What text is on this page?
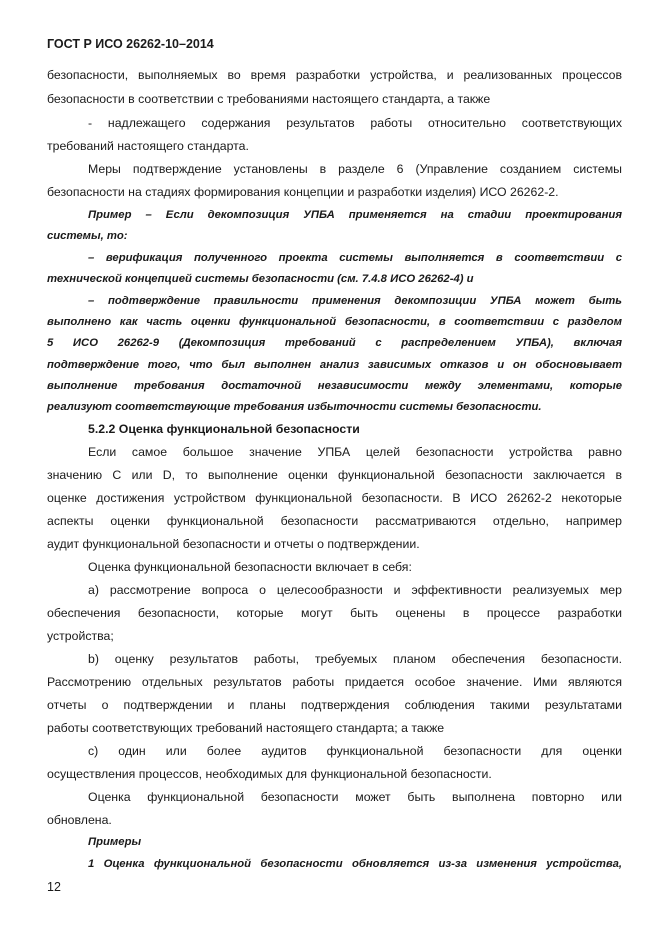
ГОСТ Р ИСО 26262-10–2014
безопасности, выполняемых во время разработки устройства, и реализованных процессов
безопасности в соответствии с требованиями настоящего стандарта, а также
- надлежащего содержания результатов работы относительно соответствующих
требований настоящего стандарта.
Меры подтверждение установлены в разделе 6 (Управление созданием системы
безопасности на стадиях формирования концепции и разработки изделия) ИСО 26262-2.
Пример – Если декомпозиция УПБА применяется на стадии проектирования
системы, то:
– верификация полученного проекта системы выполняется в соответствии с
технической концепцией системы безопасности (см. 7.4.8 ИСО 26262-4) и
– подтверждение правильности применения декомпозиции УПБА может быть
выполнено как часть оценки функциональной безопасности, в соответствии с разделом
5 ИСО 26262-9 (Декомпозиция требований с распределением УПБА), включая
подтверждение того, что был выполнен анализ зависимых отказов и он обосновывает
выполнение требования достаточной независимости между элементами, которые
реализуют соответствующие требования избыточности системы безопасности.
5.2.2 Оценка функциональной безопасности
Если самое большое значение УПБА целей безопасности устройства равно
значению C или D, то выполнение оценки функциональной безопасности заключается в
оценке достижения устройством функциональной безопасности. В ИСО 26262-2 некоторые
аспекты оценки функциональной безопасности рассматриваются отдельно, например
аудит функциональной безопасности и отчеты о подтверждении.
Оценка функциональной безопасности включает в себя:
a) рассмотрение вопроса о целесообразности и эффективности реализуемых мер
обеспечения безопасности, которые могут быть оценены в процессе разработки
устройства;
b) оценку результатов работы, требуемых планом обеспечения безопасности.
Рассмотрению отдельных результатов работы придается особое значение. Ими являются
отчеты о подтверждении и планы подтверждения соблюдения такими результатами
работы соответствующих требований настоящего стандарта; а также
c) один или более аудитов функциональной безопасности для оценки
осуществления процессов, необходимых для функциональной безопасности.
Оценка функциональной безопасности может быть выполнена повторно или
обновлена.
Примеры
1 Оценка функциональной безопасности обновляется из-за изменения устройства,
12
